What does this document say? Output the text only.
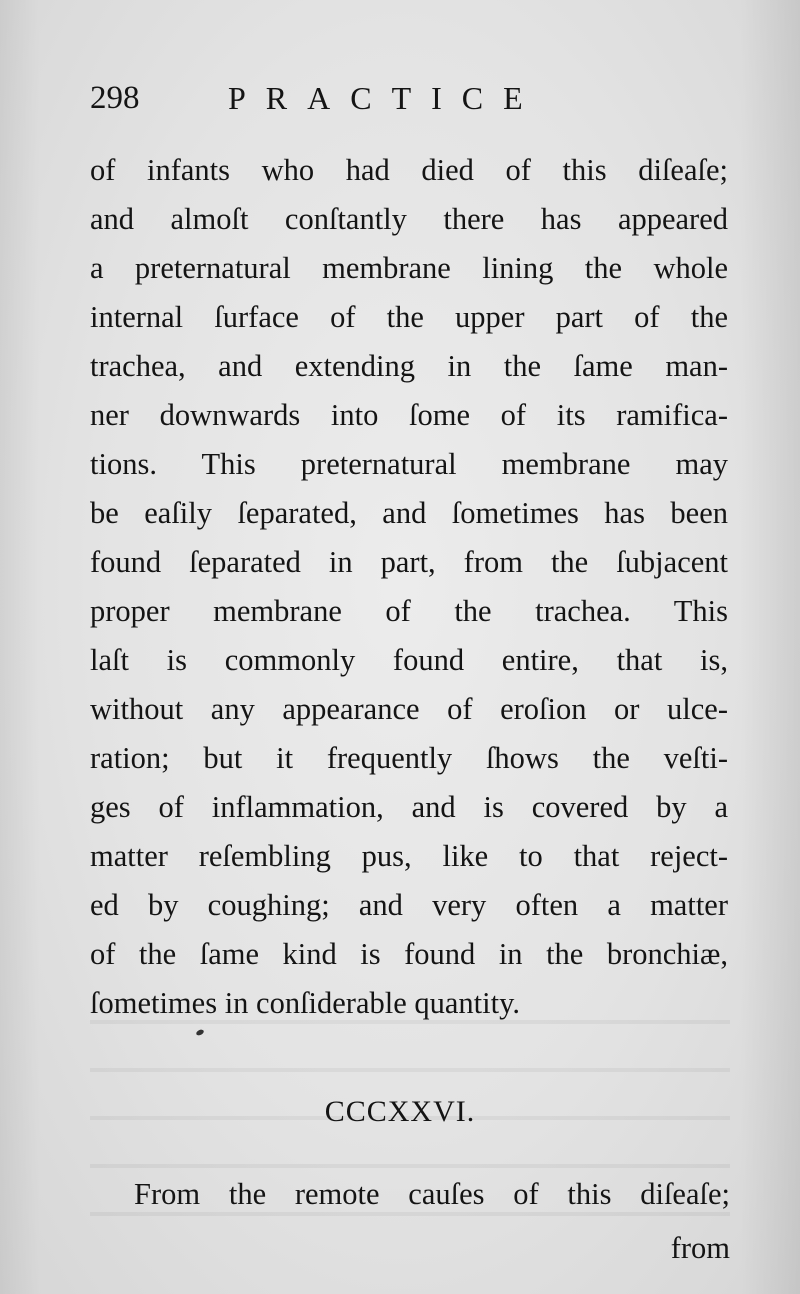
298	PRACTICE
of infants who had died of this diſeaſe;
and almoſt conſtantly there has appeared
a preternatural membrane lining the whole
internal ſurface of the upper part of the
trachea, and extending in the ſame man-
ner downwards into ſome of its ramifica-
tions. This preternatural membrane may
be eaſily ſeparated, and ſometimes has been
found ſeparated in part, from the ſubjacent
proper membrane of the trachea. This
laſt is commonly found entire, that is,
without any appearance of eroſion or ulce-
ration; but it frequently ſhows the veſti-
ges of inflammation, and is covered by a
matter reſembling pus, like to that reject-
ed by coughing; and very often a matter
of the ſame kind is found in the bronchiæ,
ſometimes in conſiderable quantity.
CCCXXVI.
From the remote cauſes of this diſeaſe;
from
